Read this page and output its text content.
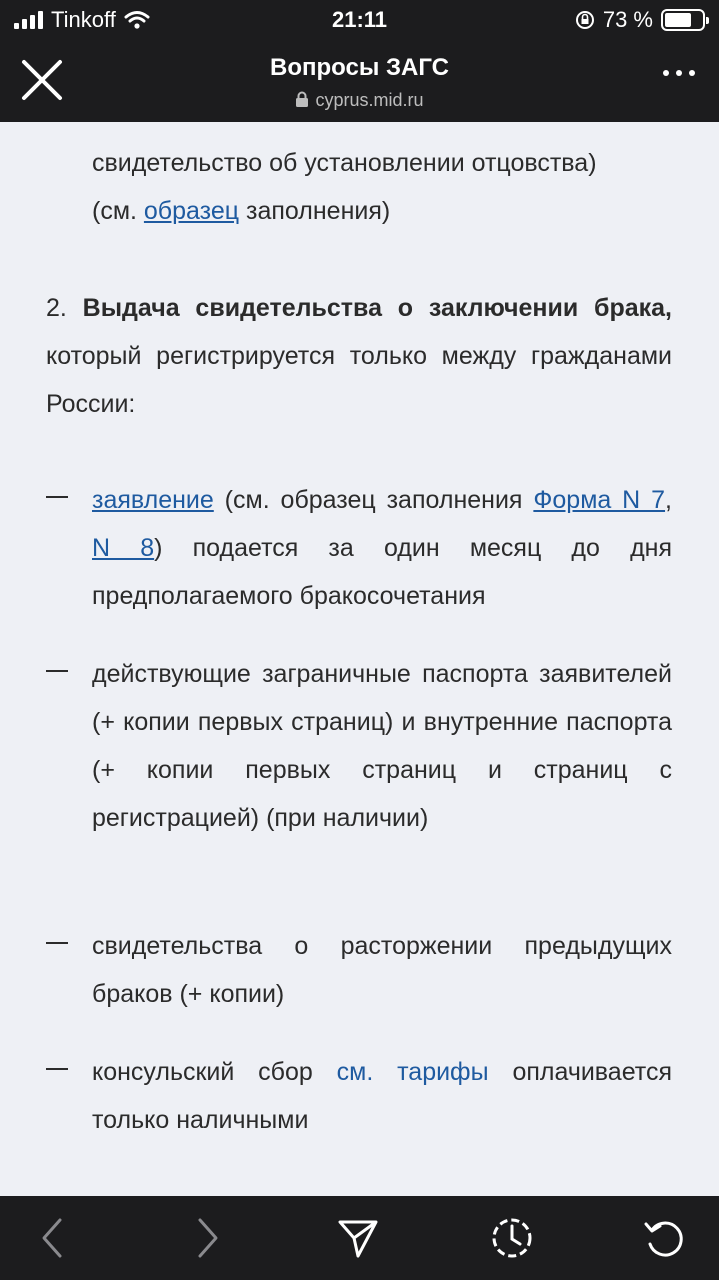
Tinkoff	21:11	73 %
Вопросы ЗАГС
cyprus.mid.ru
свидетельство об установлении отцовства)
(см. образец заполнения)
2. Выдача свидетельства о заключении брака, который регистрируется только между гражданами России:
заявление (см. образец заполнения Форма N 7, N 8) подается за один месяц до дня предполагаемого бракосочетания
действующие заграничные паспорта заявителей (+ копии первых страниц) и внутренние паспорта (+ копии первых страниц и страниц с регистрацией) (при наличии)
свидетельства о расторжении предыдущих браков (+ копии)
консульский сбор см. тарифы оплачивается только наличными
